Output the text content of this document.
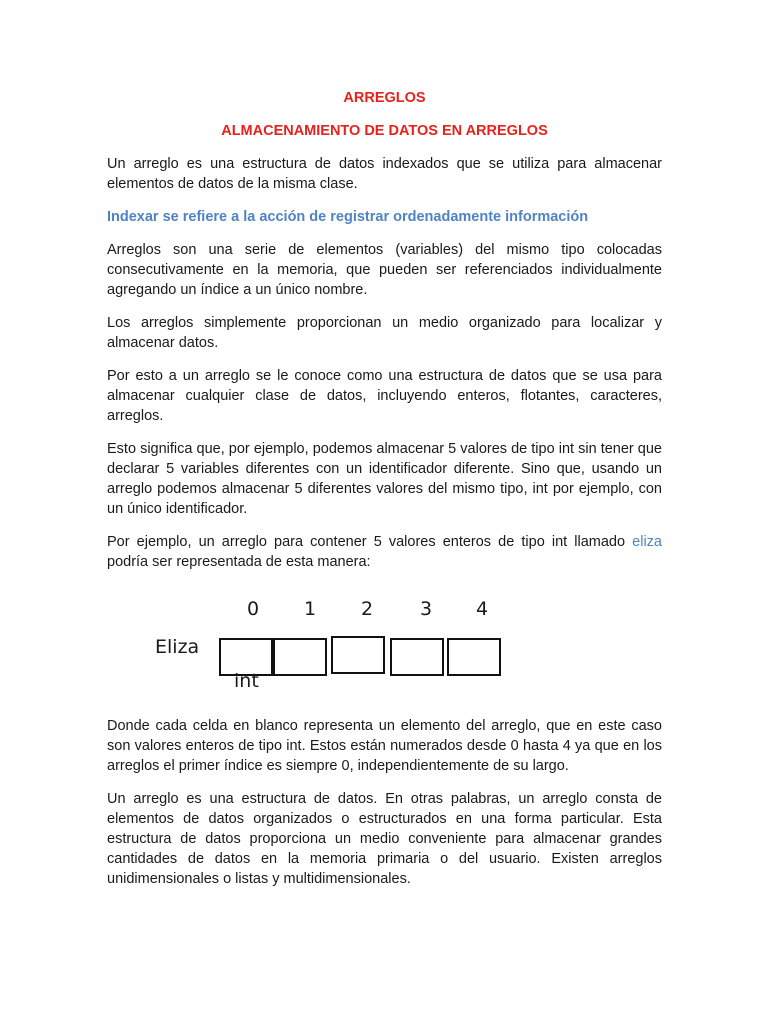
ARREGLOS
ALMACENAMIENTO DE DATOS EN ARREGLOS

Un arreglo es una estructura de datos indexados que se utiliza para almacenar elementos de datos de la misma clase.

Indexar se refiere a la acción de registrar ordenadamente información

Arreglos son una serie de elementos (variables) del mismo tipo colocadas consecutivamente en la memoria, que pueden ser referenciados individualmente agregando un índice a un único nombre.

Los arreglos simplemente proporcionan un medio organizado para localizar y almacenar datos.

Por esto a un arreglo se le conoce como una estructura de datos que se usa para almacenar cualquier clase de datos, incluyendo enteros, flotantes, caracteres, arreglos.

Esto significa que, por ejemplo, podemos almacenar 5 valores de tipo int sin tener que declarar 5 variables diferentes con un identificador diferente. Sino que, usando un arreglo podemos almacenar 5 diferentes valores del mismo tipo, int por ejemplo, con un único identificador.

Por ejemplo, un arreglo para contener 5 valores enteros de tipo int llamado eliza podría ser representada de esta manera:

0 1 2 3 4
Eliza
int

Donde cada celda en blanco representa un elemento del arreglo, que en este caso son valores enteros de tipo int. Estos están numerados desde 0 hasta 4 ya que en los arreglos el primer índice es siempre 0, independientemente de su largo.

Un arreglo es una estructura de datos. En otras palabras, un arreglo consta de elementos de datos organizados o estructurados en una forma particular. Esta estructura de datos proporciona un medio conveniente para almacenar grandes cantidades de datos en la memoria primaria o del usuario. Existen arreglos unidimensionales o listas y multidimensionales.
